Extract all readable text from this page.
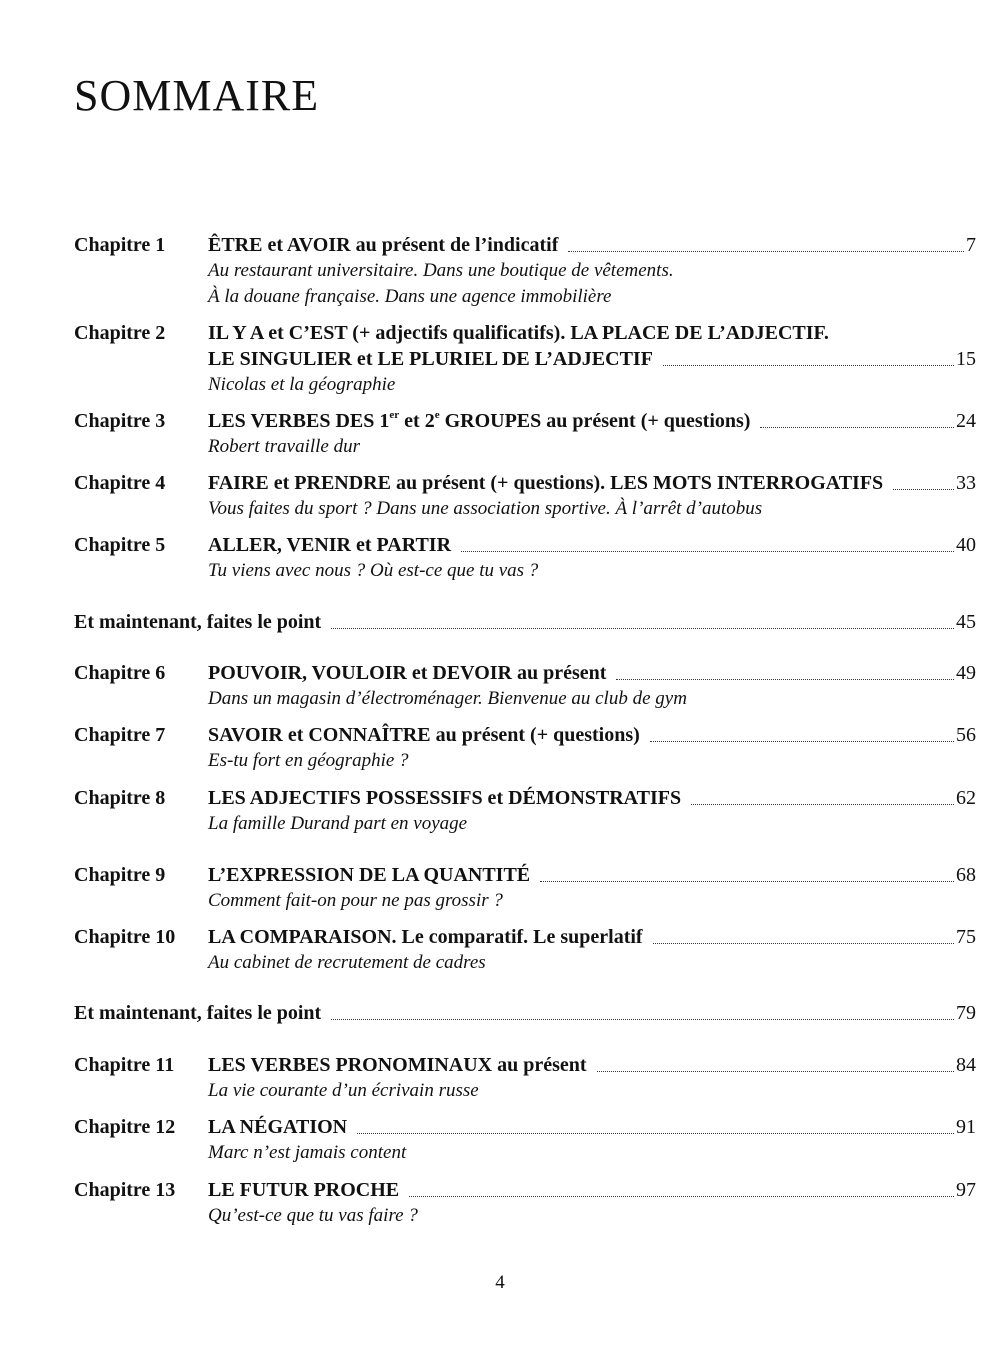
SOMMAIRE
Chapitre 1 ÊTRE et AVOIR au présent de l’indicatif	7
Au restaurant universitaire. Dans une boutique de vêtements.
À la douane française. Dans une agence immobilière
Chapitre 2 IL Y A et C’EST (+ adjectifs qualificatifs). LA PLACE DE L’ADJECTIF.
LE SINGULIER et LE PLURIEL DE L’ADJECTIF	15
Nicolas et la géographie
Chapitre 3 LES VERBES DES 1er et 2e GROUPES au présent (+ questions)	24
Robert travaille dur
Chapitre 4 FAIRE et PRENDRE au présent (+ questions). LES MOTS INTERROGATIFS	33
Vous faites du sport ? Dans une association sportive. À l’arrêt d’autobus
Chapitre 5 ALLER, VENIR et PARTIR	40
Tu viens avec nous ? Où est-ce que tu vas ?
Et maintenant, faites le point	45
Chapitre 6 POUVOIR, VOULOIR et DEVOIR au présent	49
Dans un magasin d’électroménager. Bienvenue au club de gym
Chapitre 7 SAVOIR et CONNAÎTRE au présent (+ questions)	56
Es-tu fort en géographie ?
Chapitre 8 LES ADJECTIFS POSSESSIFS et DÉMONSTRATIFS	62
La famille Durand part en voyage
Chapitre 9 L’EXPRESSION DE LA QUANTITÉ	68
Comment fait-on pour ne pas grossir ?
Chapitre 10 LA COMPARAISON. Le comparatif. Le superlatif	75
Au cabinet de recrutement de cadres
Et maintenant, faites le point	79
Chapitre 11 LES VERBES PRONOMINAUX au présent	84
La vie courante d’un écrivain russe
Chapitre 12 LA NÉGATION	91
Marc n’est jamais content
Chapitre 13 LE FUTUR PROCHE	97
Qu’est-ce que tu vas faire ?
4
